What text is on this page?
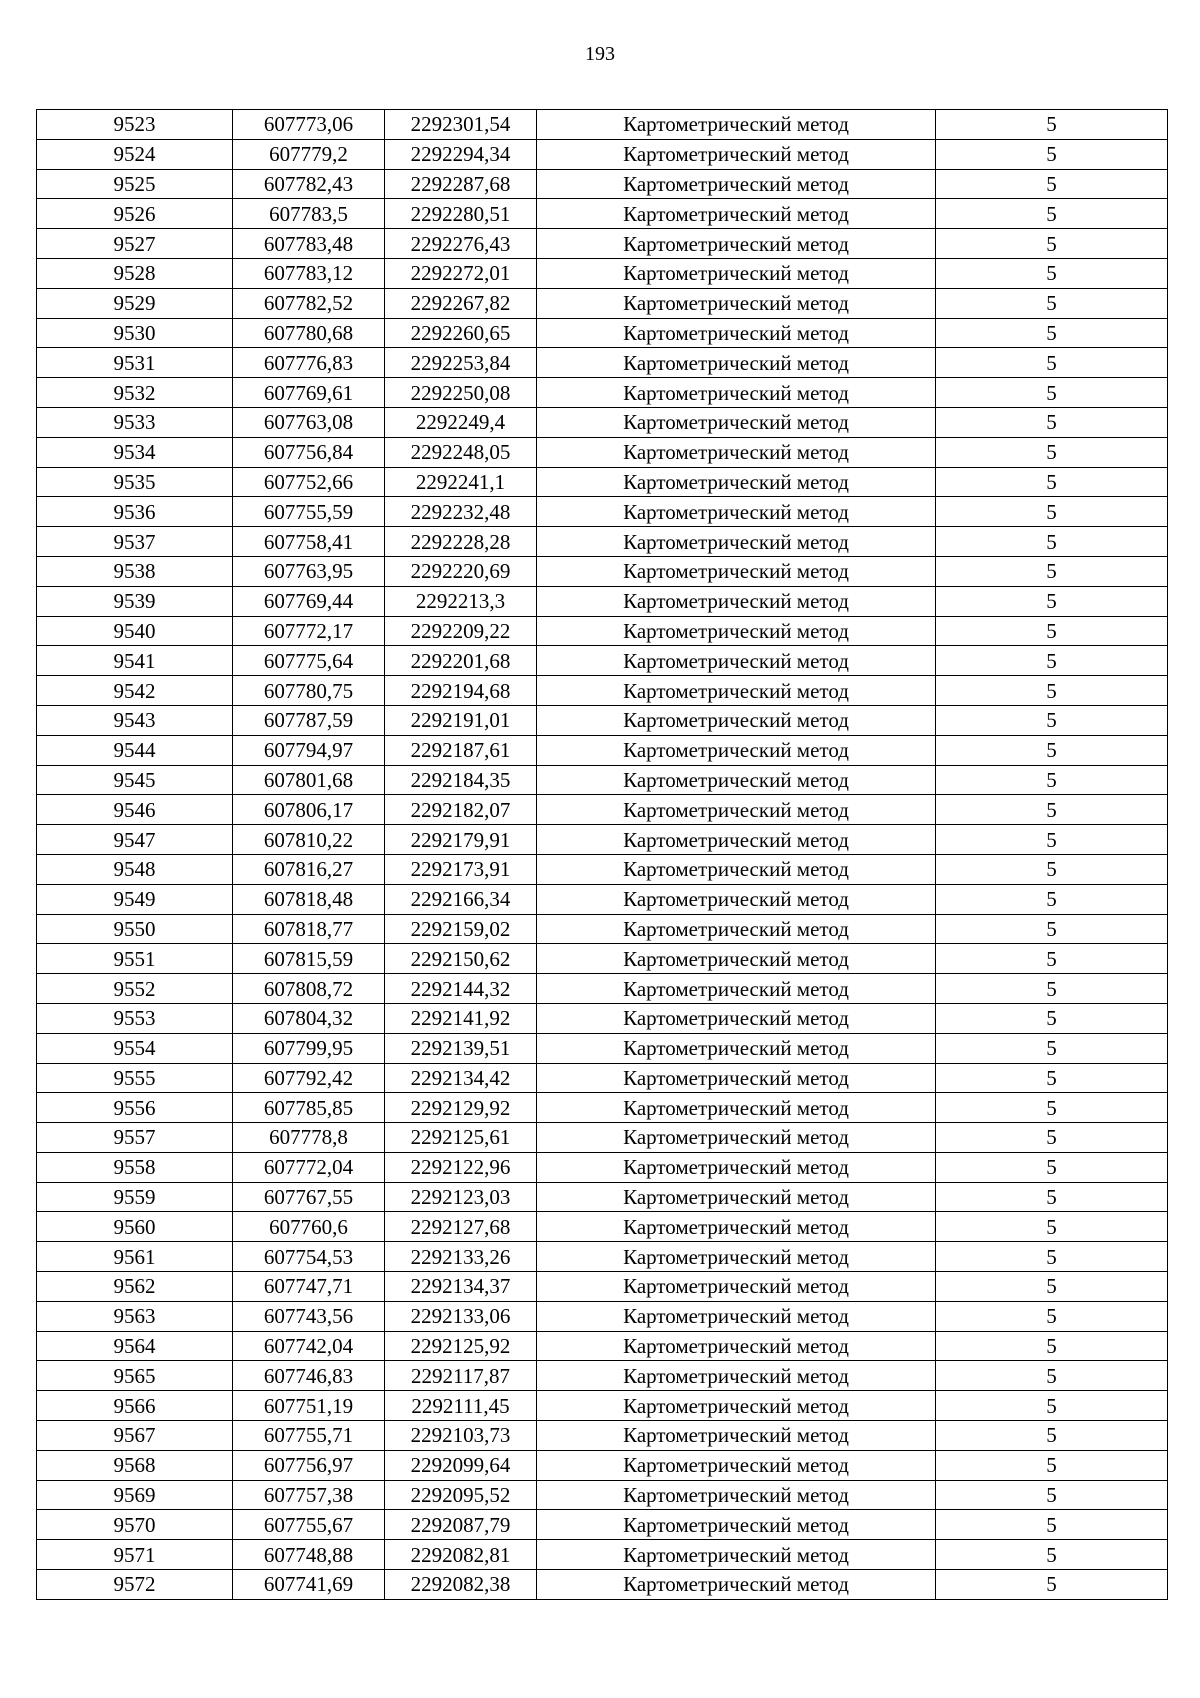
193
9523	607773,06	2292301,54	Картометрический метод	5
9524	607779,2	2292294,34	Картометрический метод	5
9525	607782,43	2292287,68	Картометрический метод	5
9526	607783,5	2292280,51	Картометрический метод	5
9527	607783,48	2292276,43	Картометрический метод	5
9528	607783,12	2292272,01	Картометрический метод	5
9529	607782,52	2292267,82	Картометрический метод	5
9530	607780,68	2292260,65	Картометрический метод	5
9531	607776,83	2292253,84	Картометрический метод	5
9532	607769,61	2292250,08	Картометрический метод	5
9533	607763,08	2292249,4	Картометрический метод	5
9534	607756,84	2292248,05	Картометрический метод	5
9535	607752,66	2292241,1	Картометрический метод	5
9536	607755,59	2292232,48	Картометрический метод	5
9537	607758,41	2292228,28	Картометрический метод	5
9538	607763,95	2292220,69	Картометрический метод	5
9539	607769,44	2292213,3	Картометрический метод	5
9540	607772,17	2292209,22	Картометрический метод	5
9541	607775,64	2292201,68	Картометрический метод	5
9542	607780,75	2292194,68	Картометрический метод	5
9543	607787,59	2292191,01	Картометрический метод	5
9544	607794,97	2292187,61	Картометрический метод	5
9545	607801,68	2292184,35	Картометрический метод	5
9546	607806,17	2292182,07	Картометрический метод	5
9547	607810,22	2292179,91	Картометрический метод	5
9548	607816,27	2292173,91	Картометрический метод	5
9549	607818,48	2292166,34	Картометрический метод	5
9550	607818,77	2292159,02	Картометрический метод	5
9551	607815,59	2292150,62	Картометрический метод	5
9552	607808,72	2292144,32	Картометрический метод	5
9553	607804,32	2292141,92	Картометрический метод	5
9554	607799,95	2292139,51	Картометрический метод	5
9555	607792,42	2292134,42	Картометрический метод	5
9556	607785,85	2292129,92	Картометрический метод	5
9557	607778,8	2292125,61	Картометрический метод	5
9558	607772,04	2292122,96	Картометрический метод	5
9559	607767,55	2292123,03	Картометрический метод	5
9560	607760,6	2292127,68	Картометрический метод	5
9561	607754,53	2292133,26	Картометрический метод	5
9562	607747,71	2292134,37	Картометрический метод	5
9563	607743,56	2292133,06	Картометрический метод	5
9564	607742,04	2292125,92	Картометрический метод	5
9565	607746,83	2292117,87	Картометрический метод	5
9566	607751,19	2292111,45	Картометрический метод	5
9567	607755,71	2292103,73	Картометрический метод	5
9568	607756,97	2292099,64	Картометрический метод	5
9569	607757,38	2292095,52	Картометрический метод	5
9570	607755,67	2292087,79	Картометрический метод	5
9571	607748,88	2292082,81	Картометрический метод	5
9572	607741,69	2292082,38	Картометрический метод	5
